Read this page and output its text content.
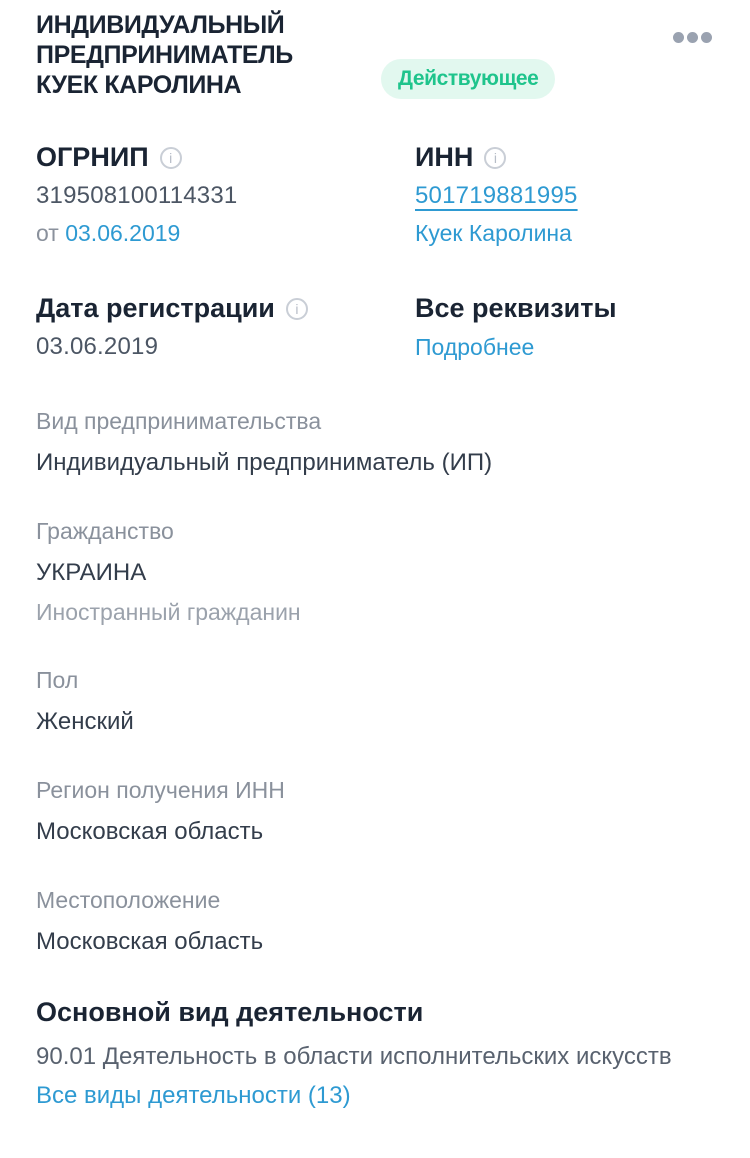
ИНДИВИДУАЛЬНЫЙ ПРЕДПРИНИМАТЕЛЬ КУЕК КАРОЛИНА	Действующее
ОГРНИП	i
319508100114331
от 03.06.2019
ИНН	i
501719881995
Куек Каролина
Дата регистрации	i
03.06.2019
Все реквизиты
Подробнее
Вид предпринимательства
Индивидуальный предприниматель (ИП)
Гражданство
УКРАИНА
Иностранный гражданин
Пол
Женский
Регион получения ИНН
Московская область
Местоположение
Московская область
Основной вид деятельности

90.01 Деятельность в области исполнительских искусств Все виды деятельности (13)
